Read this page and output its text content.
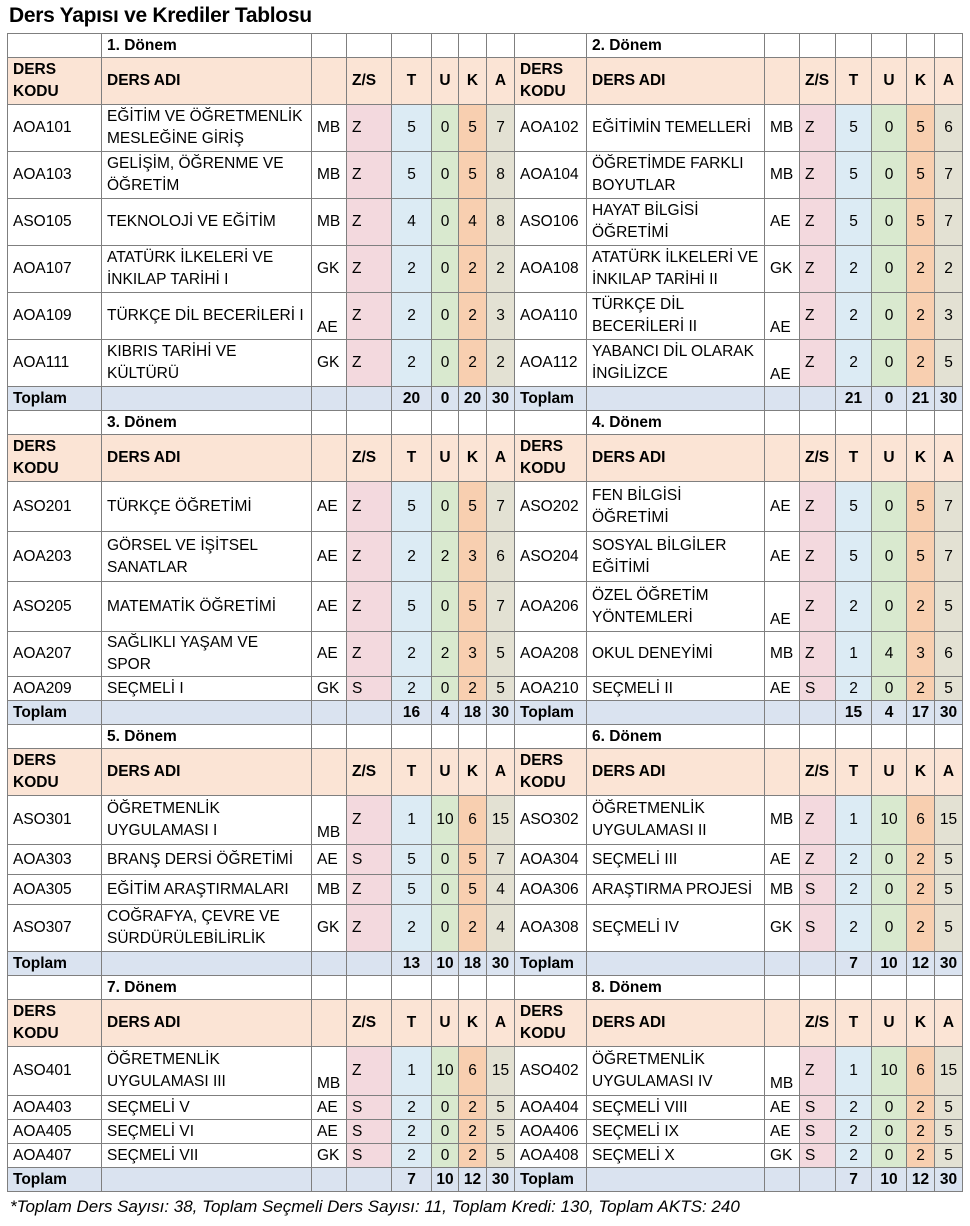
Ders Yapısı ve Krediler Tablosu
	1. Dönem								2. Dönem						
DERS KODU	DERS ADI		Z/S	T	U	K	A	DERS KODU	DERS ADI		Z/S	T	U	K	A
AOA101	EĞİTİM VE ÖĞRETMENLİK MESLEĞİNE GİRİŞ	MB	Z	5	0	5	7	AOA102	EĞİTİMİN TEMELLERİ	MB	Z	5	0	5	6
AOA103	GELİŞİM, ÖĞRENME VE ÖĞRETİM	MB	Z	5	0	5	8	AOA104	ÖĞRETİMDE FARKLI BOYUTLAR	MB	Z	5	0	5	7
ASO105	TEKNOLOJİ VE EĞİTİM	MB	Z	4	0	4	8	ASO106	HAYAT BİLGİSİ ÖĞRETİMİ	AE	Z	5	0	5	7
AOA107	ATATÜRK İLKELERİ VE İNKILAP TARİHİ I	GK	Z	2	0	2	2	AOA108	ATATÜRK İLKELERİ VE İNKILAP TARİHİ II	GK	Z	2	0	2	2
AOA109	TÜRKÇE DİL BECERİLERİ I	AE	Z	2	0	2	3	AOA110	TÜRKÇE DİL BECERİLERİ II	AE	Z	2	0	2	3
AOA111	KIBRIS TARİHİ VE KÜLTÜRÜ	GK	Z	2	0	2	2	AOA112	YABANCI DİL OLARAK İNGİLİZCE	AE	Z	2	0	2	5
Toplam				20	0	20	30	Toplam				21	0	21	30
	3. Dönem								4. Dönem						
DERS KODU	DERS ADI		Z/S	T	U	K	A	DERS KODU	DERS ADI		Z/S	T	U	K	A
ASO201	TÜRKÇE ÖĞRETİMİ	AE	Z	5	0	5	7	ASO202	FEN BİLGİSİ ÖĞRETİMİ	AE	Z	5	0	5	7
AOA203	GÖRSEL VE İŞİTSEL SANATLAR	AE	Z	2	2	3	6	ASO204	SOSYAL BİLGİLER EĞİTİMİ	AE	Z	5	0	5	7
ASO205	MATEMATİK ÖĞRETİMİ	AE	Z	5	0	5	7	AOA206	ÖZEL ÖĞRETİM YÖNTEMLERİ	AE	Z	2	0	2	5
AOA207	SAĞLIKLI YAŞAM VE SPOR	AE	Z	2	2	3	5	AOA208	OKUL DENEYİMİ	MB	Z	1	4	3	6
AOA209	SEÇMELİ I	GK	S	2	0	2	5	AOA210	SEÇMELİ II	AE	S	2	0	2	5
Toplam				16	4	18	30	Toplam				15	4	17	30
	5. Dönem								6. Dönem						
DERS KODU	DERS ADI		Z/S	T	U	K	A	DERS KODU	DERS ADI		Z/S	T	U	K	A
ASO301	ÖĞRETMENLİK UYGULAMASI I	MB	Z	1	10	6	15	ASO302	ÖĞRETMENLİK UYGULAMASI II	MB	Z	1	10	6	15
AOA303	BRANŞ DERSİ ÖĞRETİMİ	AE	S	5	0	5	7	AOA304	SEÇMELİ III	AE	Z	2	0	2	5
AOA305	EĞİTİM ARAŞTIRMALARI	MB	Z	5	0	5	4	AOA306	ARAŞTIRMA PROJESİ	MB	S	2	0	2	5
ASO307	COĞRAFYA, ÇEVRE VE SÜRDÜRÜLEBİLİRLİK	GK	Z	2	0	2	4	AOA308	SEÇMELİ IV	GK	S	2	0	2	5
Toplam				13	10	18	30	Toplam				7	10	12	30
	7. Dönem								8. Dönem						
DERS KODU	DERS ADI		Z/S	T	U	K	A	DERS KODU	DERS ADI		Z/S	T	U	K	A
ASO401	ÖĞRETMENLİK UYGULAMASI III	MB	Z	1	10	6	15	ASO402	ÖĞRETMENLİK UYGULAMASI IV	MB	Z	1	10	6	15
AOA403	SEÇMELİ V	AE	S	2	0	2	5	AOA404	SEÇMELİ VIII	AE	S	2	0	2	5
AOA405	SEÇMELİ VI	AE	S	2	0	2	5	AOA406	SEÇMELİ IX	AE	S	2	0	2	5
AOA407	SEÇMELİ VII	GK	S	2	0	2	5	AOA408	SEÇMELİ X	GK	S	2	0	2	5
Toplam				7	10	12	30	Toplam				7	10	12	30
*Toplam Ders Sayısı: 38, Toplam Seçmeli Ders Sayısı: 11, Toplam Kredi: 130, Toplam AKTS: 240
